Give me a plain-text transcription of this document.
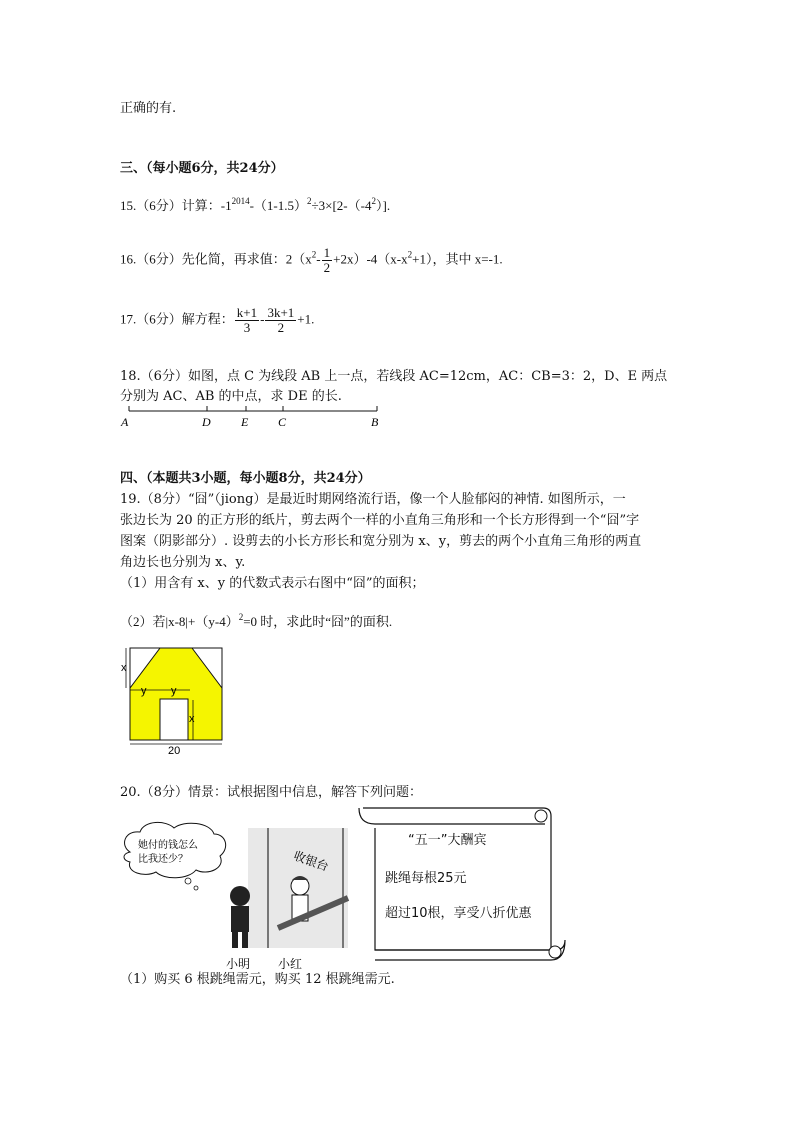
正确的有.
三、（每小题6分，共24分）
15.（6分）计算：$-1^{2014}-(1-1.5)^2\div 3\times[2-(-4^2)]$.
16.（6分）先化简，再求值：$2(x^2- \frac{1}{2} +2x)-4(x-x^2+1)$，其中 x=-1.
17.（6分）解方程： $\frac{k+1}{3} - \frac{3k+1}{2} +1$.
18.（6分）如图，点 C 为线段 AB 上一点，若线段 AC=12cm，AC：CB=3：2，D、E 两点
分别为 AC、AB 的中点，求 DE 的长.
A	D	E C	B
四、（本题共3小题，每小题8分，共24分）
19.（8分）“囧”（jiong）是最近时期网络流行语，像一个人脸郁闷的神情. 如图所示，一
张边长为 20 的正方形的纸片，剪去两个一样的小直角三角形和一个长方形得到一个“囧”字
图案（阴影部分）. 设剪去的小长方形长和宽分别为 x、y，剪去的两个小直角三角形的两直
角边长也分别为 x、y.
（1）用含有 x、y 的代数式表示右图中“囧”的面积；
（2）若$|x-8|+(y-4)^2=0$ 时，求此时“囧”的面积.
x
y y
x
20
20.（8分）情景：试根据图中信息，解答下列问题：
她付的钱怎么
比我还少？	收银台
小明 小红
“五一”大酬宾
跳绳每根25元
超过10根，享受八折优惠
（1）购买 6 根跳绳需元，购买 12 根跳绳需元.
